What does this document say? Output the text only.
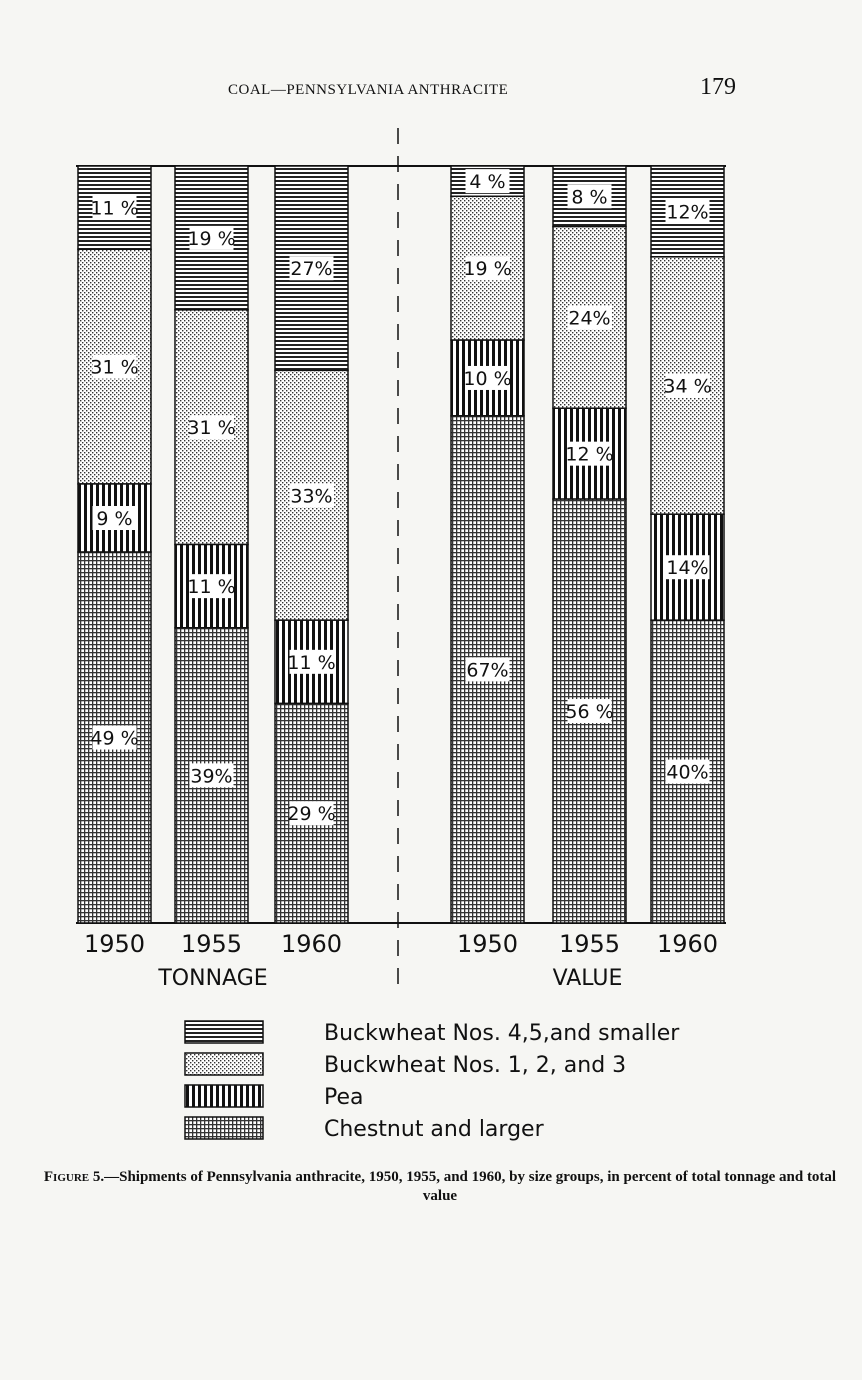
COAL—PENNSYLVANIA ANTHRACITE	179
11 %
31 %
9 %
49 %
19 %
31 %
11 %
39%
27%
33%
11 %
29 %
4 %
19 %
10 %
67%
8 %
24%
12 %
56 %
12%
34 %
14%
40%
1950 1955 1960
TONNAGE
1950 1955 1960
VALUE
Buckwheat Nos. 4,5,and smaller
Buckwheat Nos. 1, 2, and 3
Pea
Chestnut and larger
Figure 5.—Shipments of Pennsylvania anthracite, 1950, 1955, and 1960, by size groups, in percent of total tonnage and total value
